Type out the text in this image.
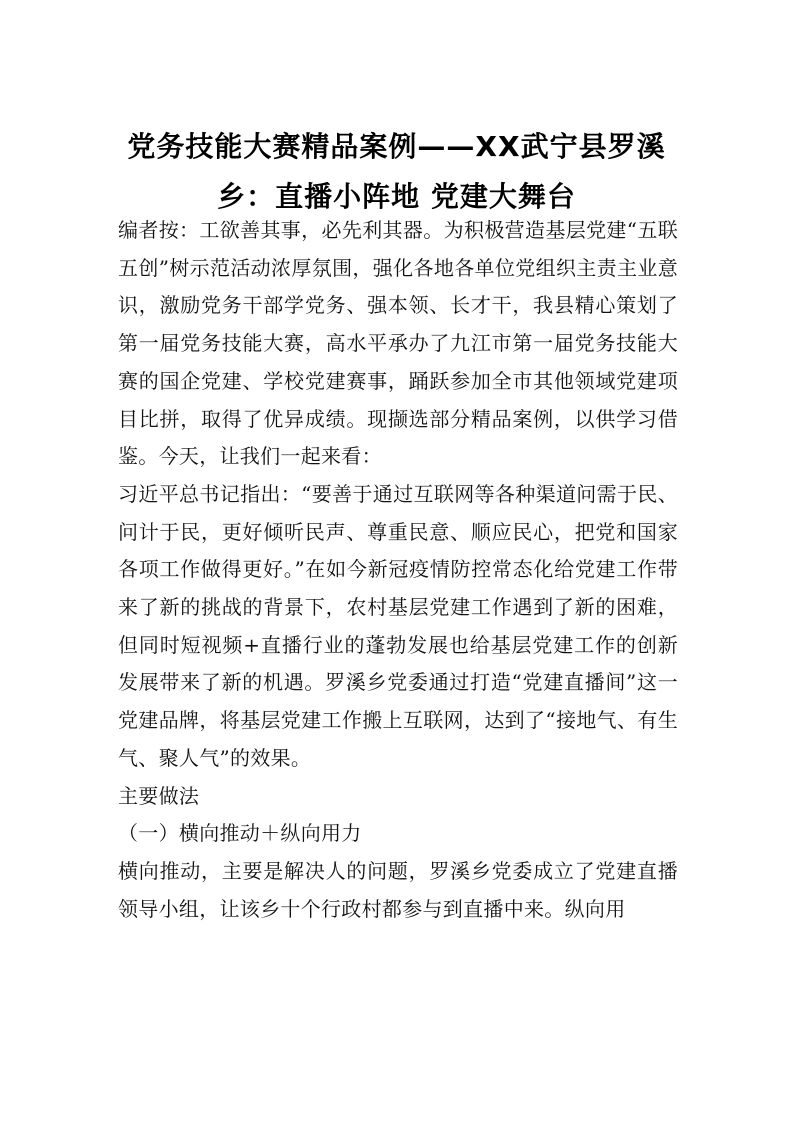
党务技能大赛精品案例——XX武宁县罗溪
乡：直播小阵地 党建大舞台

编者按：工欲善其事，必先利其器。为积极营造基层党建“五联五创”树示范活动浓厚氛围，强化各地各单位党组织主责主业意识，激励党务干部学党务、强本领、长才干，我县精心策划了第一届党务技能大赛，高水平承办了九江市第一届党务技能大赛的国企党建、学校党建赛事，踊跃参加全市其他领域党建项目比拼，取得了优异成绩。现撷选部分精品案例，以供学习借鉴。今天，让我们一起来看：

习近平总书记指出：“要善于通过互联网等各种渠道问需于民、问计于民，更好倾听民声、尊重民意、顺应民心，把党和国家各项工作做得更好。”在如今新冠疫情防控常态化给党建工作带来了新的挑战的背景下，农村基层党建工作遇到了新的困难，但同时短视频+直播行业的蓬勃发展也给基层党建工作的创新发展带来了新的机遇。罗溪乡党委通过打造“党建直播间”这一党建品牌，将基层党建工作搬上互联网，达到了“接地气、有生气、聚人气”的效果。

主要做法

（一）横向推动＋纵向用力

横向推动，主要是解决人的问题，罗溪乡党委成立了党建直播领导小组，让该乡十个行政村都参与到直播中来。纵向用
